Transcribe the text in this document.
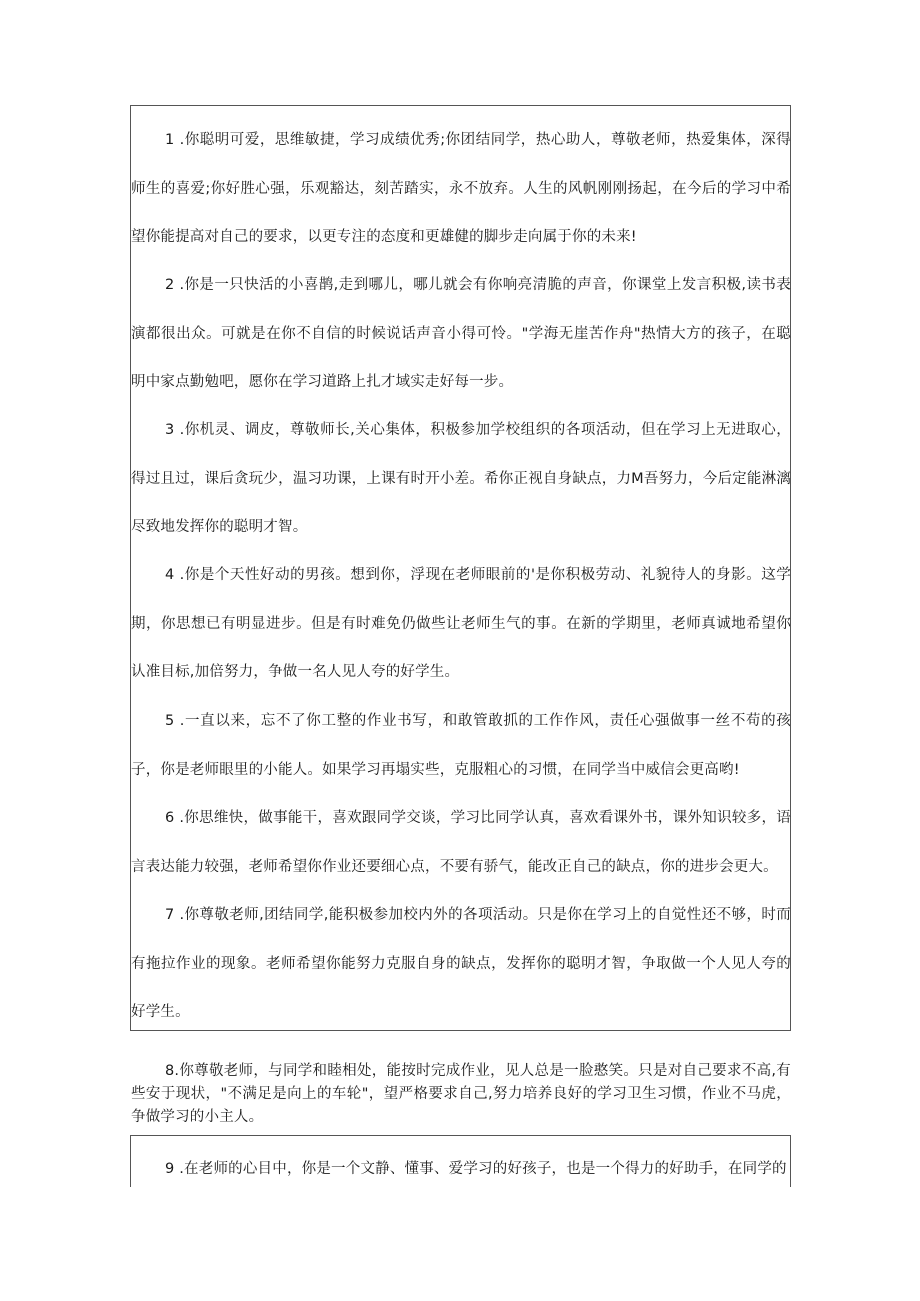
1 .你聪明可爱，思维敏捷，学习成绩优秀;你团结同学，热心助人，尊敬老师，热爱集体，深得师生的喜爱;你好胜心强，乐观豁达，刻苦踏实，永不放弃。人生的风帆刚刚扬起，在今后的学习中希望你能提高对自己的要求，以更专注的态度和更雄健的脚步走向属于你的未来!

2 .你是一只快活的小喜鹊,走到哪儿，哪儿就会有你响亮清脆的声音，你课堂上发言积极,读书表演都很出众。可就是在你不自信的时候说话声音小得可怜。"学海无崖苦作舟"热情大方的孩子，在聪明中家点勤勉吧，愿你在学习道路上扎才域实走好每一步。

3 .你机灵、调皮，尊敬师长,关心集体，积极参加学校组织的各项活动，但在学习上无进取心，得过且过，课后贪玩少，温习功课，上课有时开小差。希你正视自身缺点，力M吾努力，今后定能淋漓尽致地发挥你的聪明才智。

4 .你是个天性好动的男孩。想到你，浮现在老师眼前的'是你积极劳动、礼貌待人的身影。这学期，你思想已有明显进步。但是有时难免仍做些让老师生气的事。在新的学期里，老师真诚地希望你认准目标,加倍努力，争做一名人见人夸的好学生。

5 .一直以来，忘不了你工整的作业书写，和敢管敢抓的工作作风，责任心强做事一丝不苟的孩子，你是老师眼里的小能人。如果学习再塌实些，克服粗心的习惯，在同学当中威信会更高哟!

6 .你思维快，做事能干，喜欢跟同学交谈，学习比同学认真，喜欢看课外书，课外知识较多，语言表达能力较强，老师希望你作业还要细心点，不要有骄气，能改正自己的缺点，你的进步会更大。

7 .你尊敬老师,团结同学,能积极参加校内外的各项活动。只是你在学习上的自觉性还不够，时而有拖拉作业的现象。老师希望你能努力克服自身的缺点，发挥你的聪明才智，争取做一个人见人夸的好学生。

8.你尊敬老师，与同学和睦相处，能按时完成作业，见人总是一脸憨笑。只是对自己要求不高,有些安于现状，"不满足是向上的车轮"，望严格要求自己,努力培养良好的学习卫生习惯，作业不马虎，争做学习的小主人。

9 .在老师的心目中，你是一个文静、懂事、爱学习的好孩子，也是一个得力的好助手，在同学的
